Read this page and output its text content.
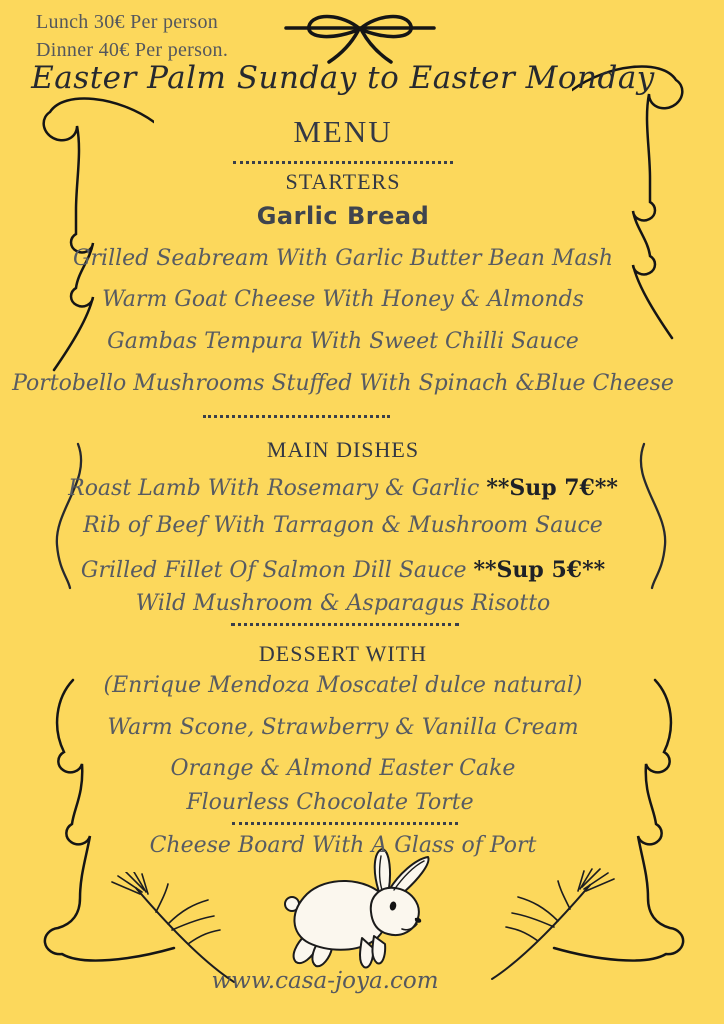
Lunch 30€ Per person
Dinner 40€ Per person.
Easter Palm Sunday to Easter Monday
MENU
STARTERS
Garlic Bread
Grilled Seabream With Garlic Butter Bean Mash
Warm Goat Cheese With Honey & Almonds
Gambas Tempura With Sweet Chilli Sauce
Portobello Mushrooms Stuffed With Spinach &Blue Cheese
MAIN DISHES
Roast Lamb With Rosemary & Garlic **Sup 7€**
Rib of Beef With Tarragon & Mushroom Sauce
Grilled Fillet Of Salmon Dill Sauce **Sup 5€**
Wild Mushroom & Asparagus Risotto
DESSERT WITH
(Enrique Mendoza Moscatel dulce natural)
Warm Scone, Strawberry & Vanilla Cream
Orange & Almond Easter Cake
Flourless Chocolate Torte
Cheese Board With A Glass of Port
www.casa-joya.com
